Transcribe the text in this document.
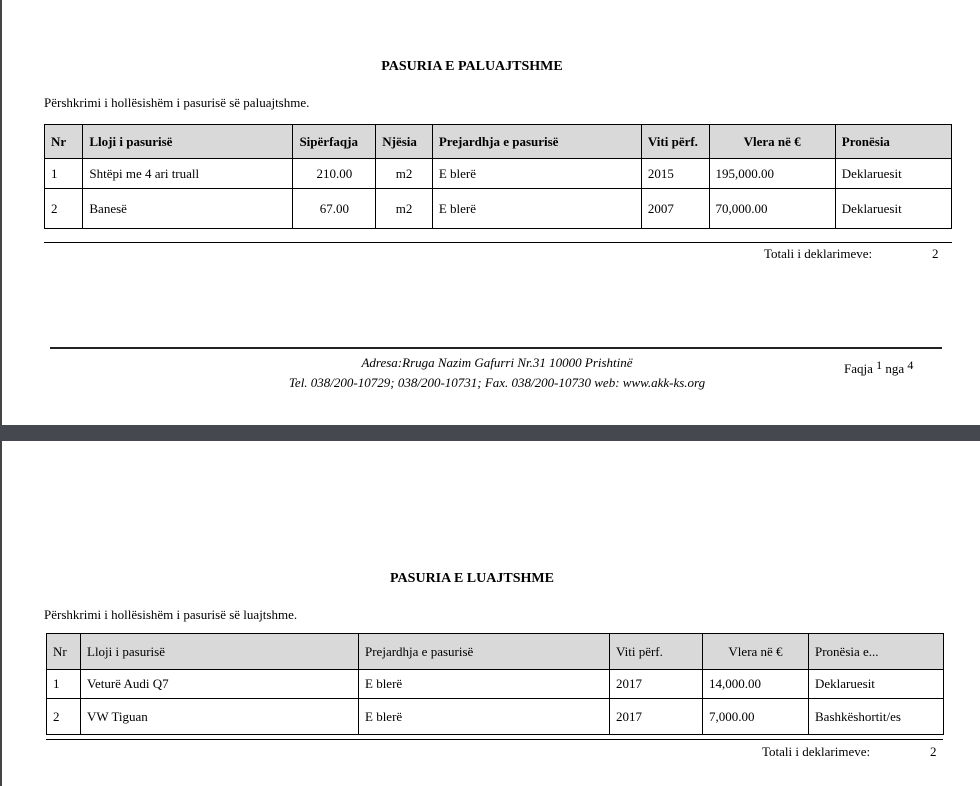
PASURIA E PALUAJTSHME
Përshkrimi i hollësishëm i pasurisë së paluajtshme.
Nr	Lloji i pasurisë	Sipërfaqja	Njësia	Prejardhja e pasurisë	Viti përf.	Vlera në €	Pronësia
1	Shtëpi me 4 ari truall	210.00	m2	E blerë	2015	195,000.00	Deklaruesit
2	Banesë	67.00	m2	E blerë	2007	70,000.00	Deklaruesit
Totali i deklarimeve:	2
Adresa:Rruga Nazim Gafurri Nr.31 10000 Prishtinë
Tel. 038/200-10729; 038/200-10731; Fax. 038/200-10730 web: www.akk-ks.org
Faqja $^1$ nga $^4$
PASURIA E LUAJTSHME
Përshkrimi i hollësishëm i pasurisë së luajtshme.
Nr	Lloji i pasurisë	Prejardhja e pasurisë	Viti përf.	Vlera në €	Pronësia e...
1	Veturë Audi Q7	E blerë	2017	14,000.00	Deklaruesit
2	VW Tiguan	E blerë	2017	7,000.00	Bashkëshortit/es
Totali i deklarimeve:	2
